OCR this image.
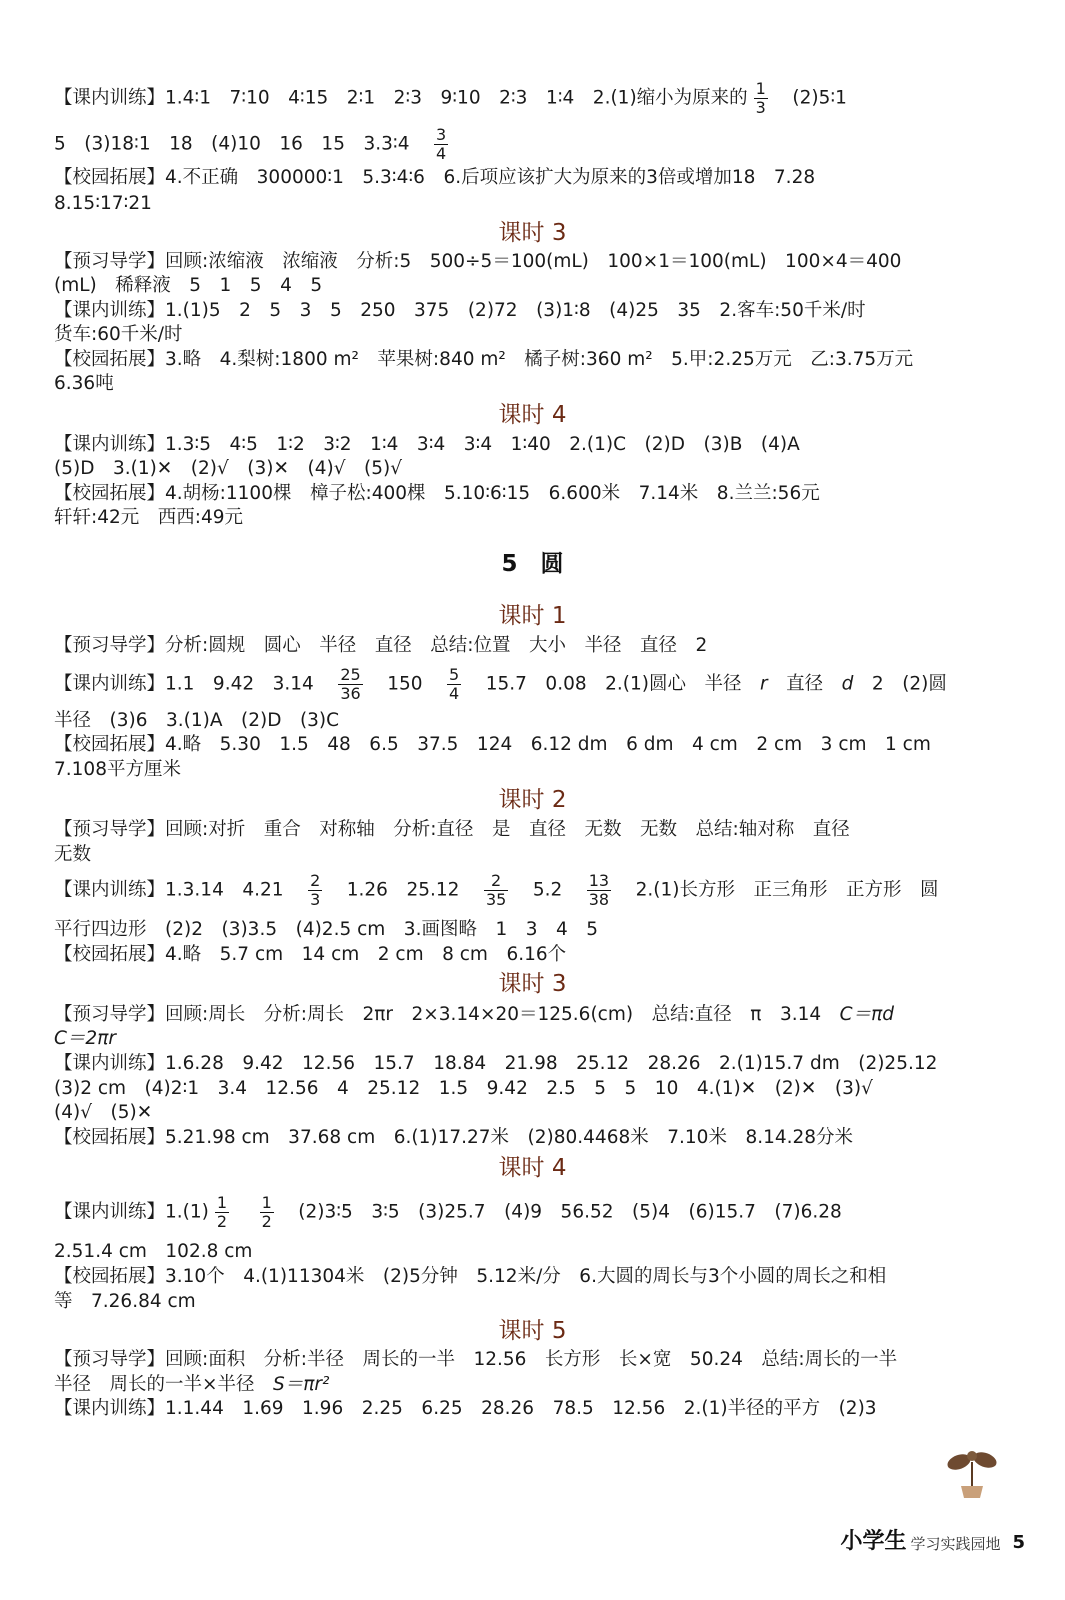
【课内训练】1.4∶1　7∶10　4∶15　2∶1　2∶3　9∶10　2∶3　1∶4　2.(1)缩小为原来的 $\frac{1}{3}$
　 (2)5∶1
5　(3)18∶1　18　(4)10　16　15　3.3∶4　 $\frac{3}{4}$
【校园拓展】4.不正确　300000∶1　5.3∶4∶6　6.后项应该扩大为原来的3倍或增加18　7.28
8.15∶17∶21
课时 3
【预习导学】回顾:浓缩液　浓缩液　分析:5　500÷5＝100(mL)　100×1＝100(mL)　100×4＝400
(mL)　稀释液　5　1　5　4　5
【课内训练】1.(1)5　2　5　3　5　250　375　(2)72　(3)1∶8　(4)25　35　2.客车:50千米/时
货车:60千米/时
【校园拓展】3.略　4.梨树:1800 m²　苹果树:840 m²　橘子树:360 m²　5.甲:2.25万元　乙:3.75万元
6.36吨
课时 4
【课内训练】1.3∶5　4∶5　1∶2　3∶2　1∶4　3∶4　3∶4　1∶40　2.(1)C　(2)D　(3)B　(4)A
(5)D　3.(1)✕　(2)√　(3)✕　(4)√　(5)√
【校园拓展】4.胡杨:1100棵　樟子松:400棵　5.10∶6∶15　6.600米　7.14米　8.兰兰:56元
轩轩:42元　西西:49元
5　圆
课时 1
【预习导学】分析:圆规　圆心　半径　直径　总结:位置　大小　半径　直径　2
【课内训练】1.1　9.42　3.14　 $\frac{25}{36}$
　 150　 $\frac{5}{4}$
　 15.7　0.08　2.(1)圆心　半径　 r　 直径　 d　 2　(2)圆
半径　(3)6　3.(1)A　(2)D　(3)C
【校园拓展】4.略　5.30　1.5　48　6.5　37.5　124　6.12 dm　6 dm　4 cm　2 cm　3 cm　1 cm
7.108平方厘米
课时 2
【预习导学】回顾:对折　重合　对称轴　分析:直径　是　直径　无数　无数　总结:轴对称　直径
无数
【课内训练】1.3.14　4.21　 $\frac{2}{3}$
　 1.26　25.12　 $\frac{2}{35}$
　 5.2　 $\frac{13}{38}$
　 2.(1)长方形　正三角形　正方形　圆
平行四边形　(2)2　(3)3.5　(4)2.5 cm　3.画图略　1　3　4　5
【校园拓展】4.略　5.7 cm　14 cm　2 cm　8 cm　6.16个
课时 3
【预习导学】回顾:周长　分析:周长　2πr　2×3.14×20＝125.6(cm)　总结:直径　π　3.14　 C＝πd
C＝2πr
【课内训练】1.6.28　9.42　12.56　15.7　18.84　21.98　25.12　28.26　2.(1)15.7 dm　(2)25.12
(3)2 cm　(4)2∶1　3.4　12.56　4　25.12　1.5　9.42　2.5　5　5　10　4.(1)✕　(2)✕　(3)√
(4)√　(5)✕
【校园拓展】5.21.98 cm　37.68 cm　6.(1)17.27米　(2)80.4468米　7.10米　8.14.28分米
课时 4
【课内训练】$1.(1) \frac{1}{2}$
　 $\frac{1}{2}$
　 (2)3∶5　3∶5　(3)25.7　(4)9　56.52　(5)4　(6)15.7　(7)6.28
2.51.4 cm　102.8 cm
【校园拓展】3.10个　4.(1)11304米　(2)5分钟　5.12米/分　6.大圆的周长与3个小圆的周长之和相
等　7.26.84 cm
课时 5
【预习导学】回顾:面积　分析:半径　周长的一半　12.56　长方形　长×宽　50.24　总结:周长的一半
半径　周长的一半×半径　 S＝πr²
【课内训练】1.1.44　1.69　1.96　2.25　6.25　28.26　78.5　12.56　2.(1)半径的平方　(2)3
小学生 学习实践园地 5
